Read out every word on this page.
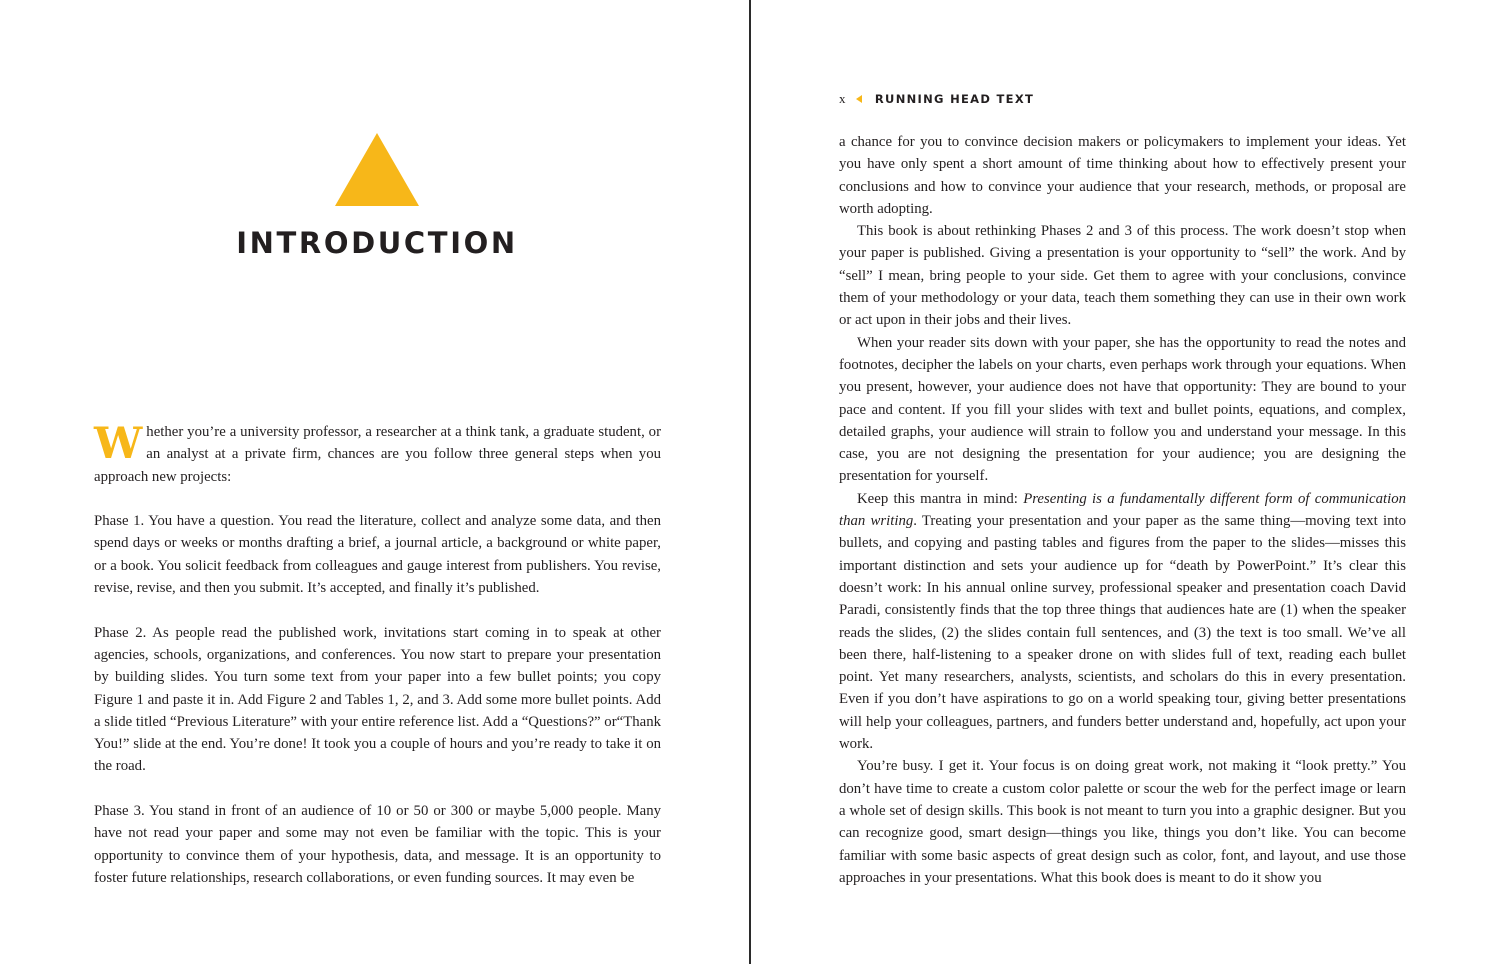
INTRODUCTION

Whether you’re a university professor, a researcher at a think tank, a graduate student, or an analyst at a private firm, chances are you follow three general steps when you approach new projects:

Phase 1. You have a question. You read the literature, collect and analyze some data, and then spend days or weeks or months drafting a brief, a journal article, a background or white paper, or a book. You solicit feedback from colleagues and gauge interest from publishers. You revise, revise, revise, and then you submit. It’s accepted, and finally it’s published.

Phase 2. As people read the published work, invitations start coming in to speak at other agencies, schools, organizations, and conferences. You now start to prepare your presentation by building slides. You turn some text from your paper into a few bullet points; you copy Figure 1 and paste it in. Add Figure 2 and Tables 1, 2, and 3. Add some more bullet points. Add a slide titled “Previous Literature” with your entire reference list. Add a “Questions?” or“Thank You!” slide at the end. You’re done! It took you a couple of hours and you’re ready to take it on the road.

Phase 3. You stand in front of an audience of 10 or 50 or 300 or maybe 5,000 people. Many have not read your paper and some may not even be familiar with the topic. This is your opportunity to convince them of your hypothesis, data, and message. It is an opportunity to foster future relationships, research collaborations, or even funding sources. It may even be

x RUNNING HEAD TEXT

a chance for you to convince decision makers or policymakers to implement your ideas. Yet you have only spent a short amount of time thinking about how to effectively present your conclusions and how to convince your audience that your research, methods, or proposal are worth adopting.

This book is about rethinking Phases 2 and 3 of this process. The work doesn’t stop when your paper is published. Giving a presentation is your opportunity to “sell” the work. And by “sell” I mean, bring people to your side. Get them to agree with your conclusions, convince them of your methodology or your data, teach them something they can use in their own work or act upon in their jobs and their lives.

When your reader sits down with your paper, she has the opportunity to read the notes and footnotes, decipher the labels on your charts, even perhaps work through your equations. When you present, however, your audience does not have that opportunity: They are bound to your pace and content. If you fill your slides with text and bullet points, equations, and complex, detailed graphs, your audience will strain to follow you and understand your message. In this case, you are not designing the presentation for your audience; you are designing the presentation for yourself.

Keep this mantra in mind: Presenting is a fundamentally different form of communication than writing. Treating your presentation and your paper as the same thing—moving text into bullets, and copying and pasting tables and figures from the paper to the slides—misses this important distinction and sets your audience up for “death by PowerPoint.” It’s clear this doesn’t work: In his annual online survey, professional speaker and presentation coach David Paradi, consistently finds that the top three things that audiences hate are (1) when the speaker reads the slides, (2) the slides contain full sentences, and (3) the text is too small. We’ve all been there, half-listening to a speaker drone on with slides full of text, reading each bullet point. Yet many researchers, analysts, scientists, and scholars do this in every presentation. Even if you don’t have aspirations to go on a world speaking tour, giving better presentations will help your colleagues, partners, and funders better understand and, hopefully, act upon your work.

You’re busy. I get it. Your focus is on doing great work, not making it “look pretty.” You don’t have time to create a custom color palette or scour the web for the perfect image or learn a whole set of design skills. This book is not meant to turn you into a graphic designer. But you can recognize good, smart design—things you like, things you don’t like. You can become familiar with some basic aspects of great design such as color, font, and layout, and use those approaches in your presentations. What this book does is meant to do it show you
